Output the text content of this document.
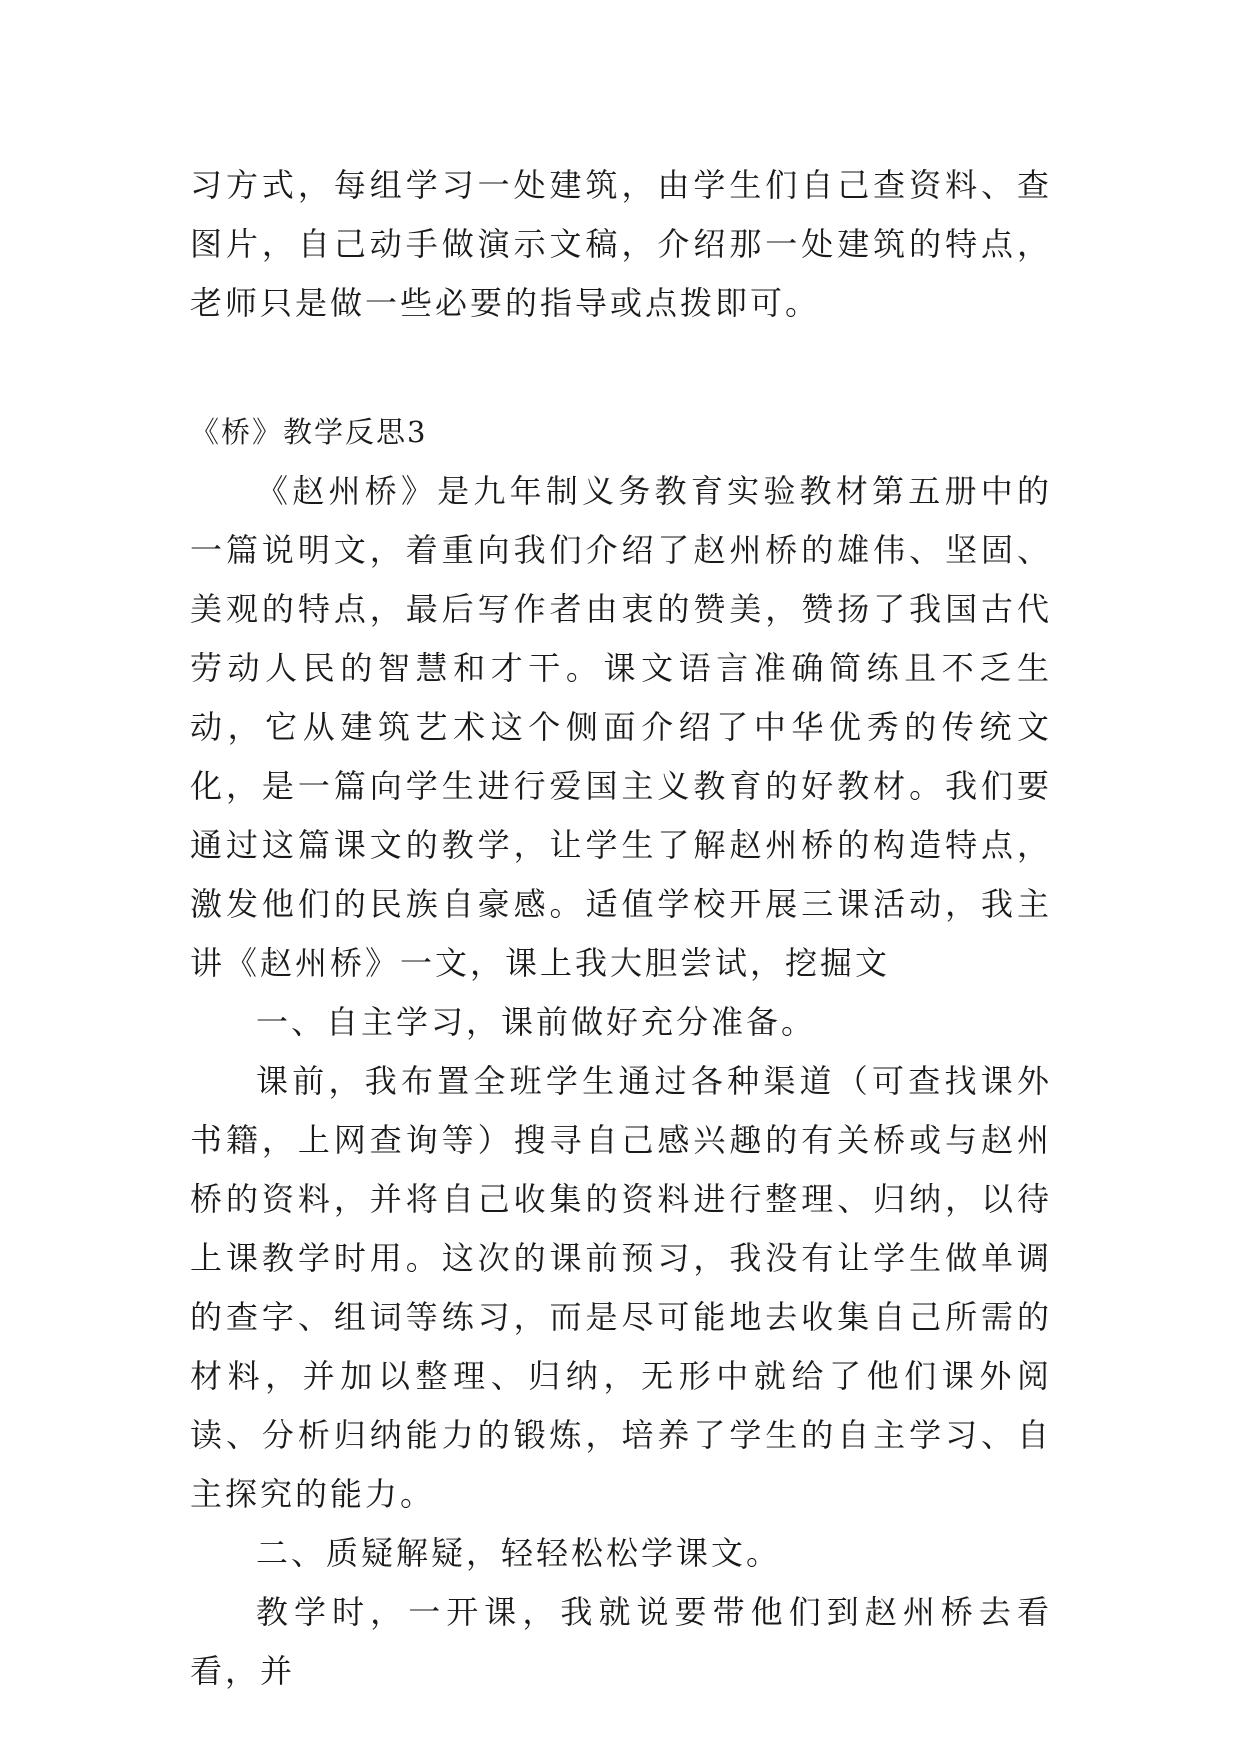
习方式，每组学习一处建筑，由学生们自己查资料、查图片，自己动手做演示文稿，介绍那一处建筑的特点，老师只是做一些必要的指导或点拨即可。

《桥》教学反思3

《赵州桥》是九年制义务教育实验教材第五册中的一篇说明文，着重向我们介绍了赵州桥的雄伟、坚固、美观的特点，最后写作者由衷的赞美，赞扬了我国古代劳动人民的智慧和才干。课文语言准确简练且不乏生动，它从建筑艺术这个侧面介绍了中华优秀的传统文化，是一篇向学生进行爱国主义教育的好教材。我们要通过这篇课文的教学，让学生了解赵州桥的构造特点，激发他们的民族自豪感。适值学校开展三课活动，我主讲《赵州桥》一文，课上我大胆尝试，挖掘文

一、自主学习，课前做好充分准备。

课前，我布置全班学生通过各种渠道（可查找课外书籍，上网查询等）搜寻自己感兴趣的有关桥或与赵州桥的资料，并将自己收集的资料进行整理、归纳，以待上课教学时用。这次的课前预习，我没有让学生做单调的查字、组词等练习，而是尽可能地去收集自己所需的材料，并加以整理、归纳，无形中就给了他们课外阅读、分析归纳能力的锻炼，培养了学生的自主学习、自主探究的能力。

二、质疑解疑，轻轻松松学课文。

教学时，一开课，我就说要带他们到赵州桥去看看，并
